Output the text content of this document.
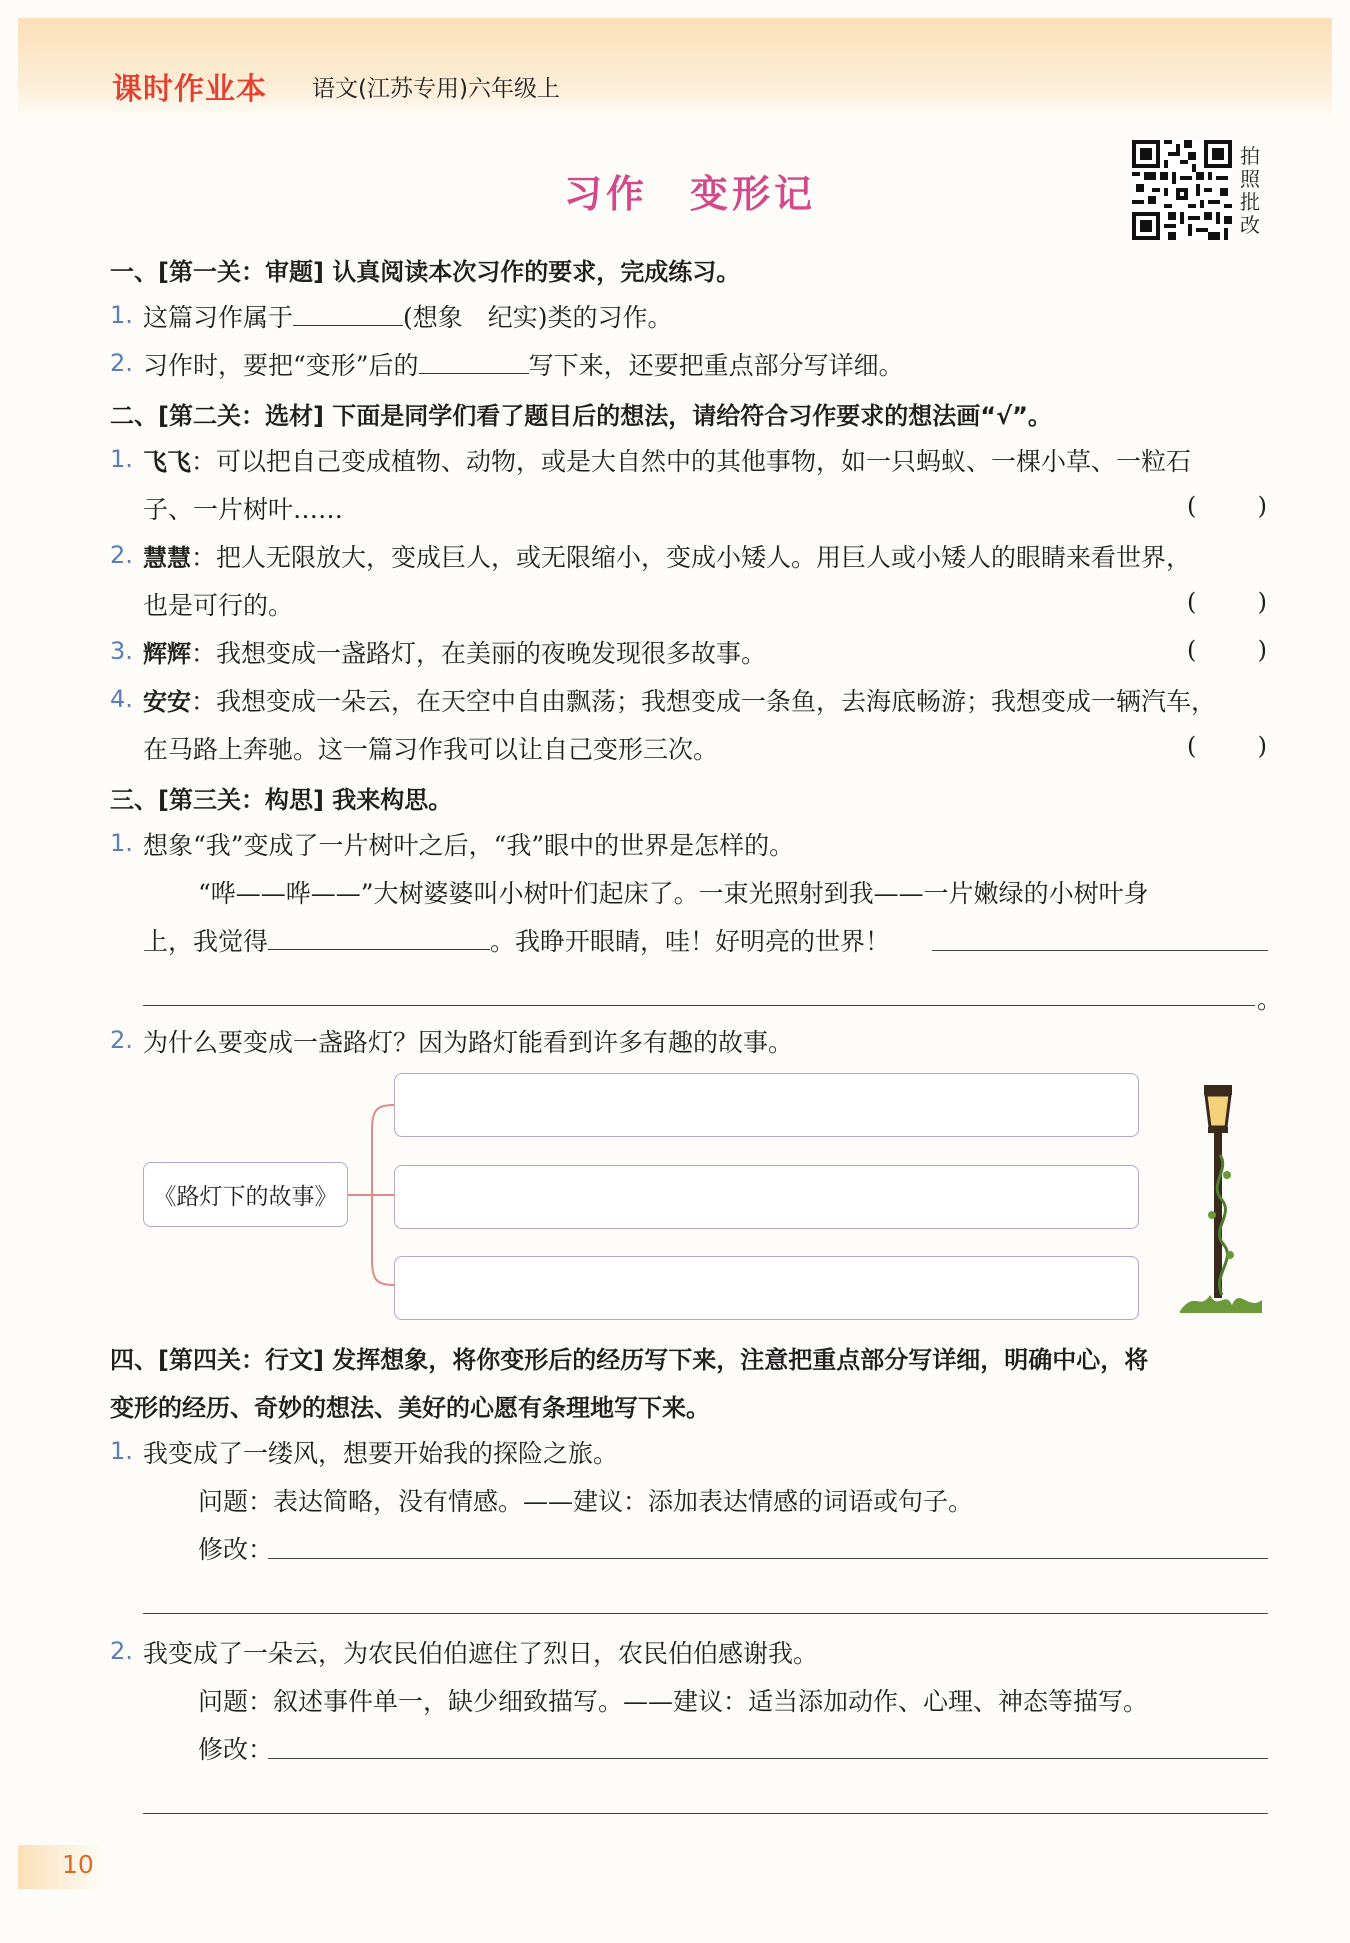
课时作业本 语文(江苏专用)六年级上
习作　变形记
拍
照
批
改
一、[第一关：审题] 认真阅读本次习作的要求，完成练习。
1. 这篇习作属于	(想象　纪实)类的习作。
2. 习作时，要把“变形”后的	写下来，还要把重点部分写详细。
二、[第二关：选材] 下面是同学们看了题目后的想法，请给符合习作要求的想法画“√”。
1. 飞飞：可以把自己变成植物、动物，或是大自然中的其他事物，如一只蚂蚁、一棵小草、一粒石
子、一片树叶……	(	)
2. 慧慧：把人无限放大，变成巨人，或无限缩小，变成小矮人。用巨人或小矮人的眼睛来看世界，
也是可行的。	(	)
3. 辉辉：我想变成一盏路灯，在美丽的夜晚发现很多故事。	(	)
4. 安安：我想变成一朵云，在天空中自由飘荡；我想变成一条鱼，去海底畅游；我想变成一辆汽车，
在马路上奔驰。这一篇习作我可以让自己变形三次。	(	)
三、[第三关：构思] 我来构思。
1. 想象“我”变成了一片树叶之后，“我”眼中的世界是怎样的。
“哗——哗——”大树婆婆叫小树叶们起床了。一束光照射到我——一片嫩绿的小树叶身
上，我觉得	。我睁开眼睛，哇！好明亮的世界！
。
2. 为什么要变成一盏路灯？因为路灯能看到许多有趣的故事。
《路灯下的故事》
四、[第四关：行文] 发挥想象，将你变形后的经历写下来，注意把重点部分写详细，明确中心，将
变形的经历、奇妙的想法、美好的心愿有条理地写下来。
1. 我变成了一缕风，想要开始我的探险之旅。
问题：表达简略，没有情感。——建议：添加表达情感的词语或句子。
修改：
2. 我变成了一朵云，为农民伯伯遮住了烈日，农民伯伯感谢我。
问题：叙述事件单一，缺少细致描写。——建议：适当添加动作、心理、神态等描写。
修改：
10
